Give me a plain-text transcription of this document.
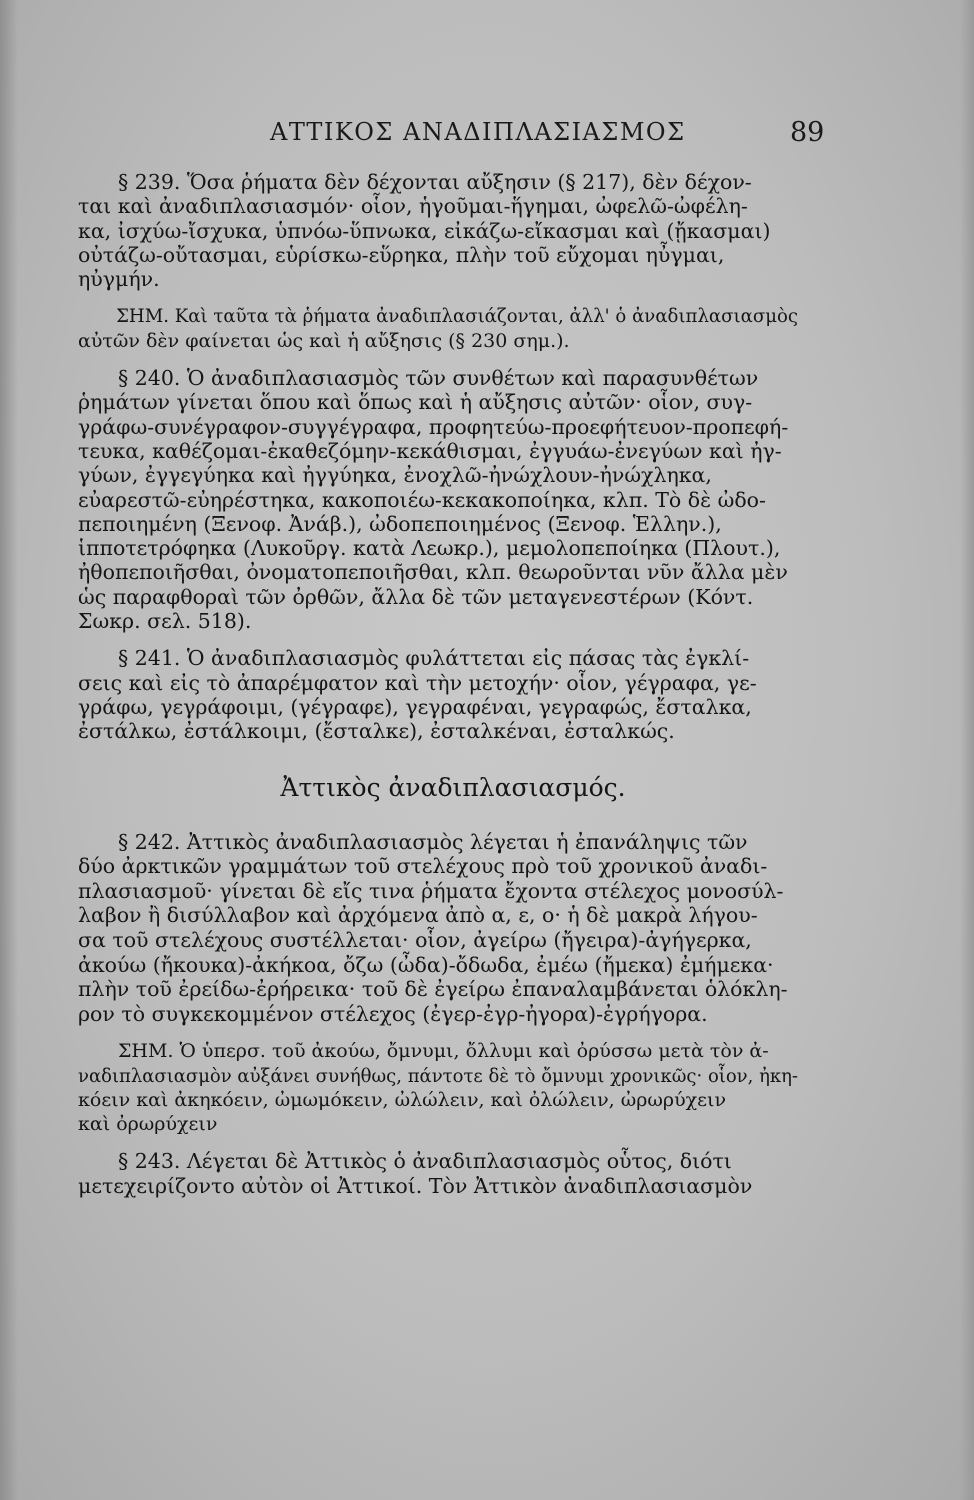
ΑΤΤΙΚΟΣ ΑΝΑΔΙΠΛΑΣΙΑΣΜΟΣ	89
§ 239. Ὅσα ῥήματα δὲν δέχονται αὔξησιν (§ 217), δὲν δέχον-
ται καὶ ἀναδιπλασιασμόν· οἷον, ἡγοῦμαι-ἥγημαι, ὠφελῶ-ὠφέλη-
κα, ἰσχύω-ἴσχυκα, ὑπνόω-ὕπνωκα, εἰκάζω-εἴκασμαι καὶ (ᾔκασμαι)
οὐτάζω-οὔτασμαι, εὑρίσκω-εὕρηκα, πλὴν τοῦ εὔχομαι ηὖγμαι,
ηὐγμήν.
ΣΗΜ. Καὶ ταῦτα τὰ ῥήματα ἀναδιπλασιάζονται, ἀλλ' ὁ ἀναδιπλασιασμὸς
αὐτῶν δὲν φαίνεται ὡς καὶ ἡ αὔξησις (§ 230 σημ.).
§ 240. Ὁ ἀναδιπλασιασμὸς τῶν συνθέτων καὶ παρασυνθέτων
ῥημάτων γίνεται ὅπου καὶ ὅπως καὶ ἡ αὔξησις αὐτῶν· οἷον, συγ-
γράφω-συνέγραφον-συγγέγραφα, προφητεύω-προεφήτευον-προπεφή-
τευκα, καθέζομαι-ἐκαθεζόμην-κεκάθισμαι, ἐγγυάω-ἐνεγύων καὶ ἠγ-
γύων, ἐγγεγύηκα καὶ ἠγγύηκα, ἐνοχλῶ-ἠνώχλουν-ἠνώχληκα,
εὐαρεστῶ-εὐηρέστηκα, κακοποιέω-κεκακοποίηκα, κλπ. Τὸ δὲ ὠδο-
πεποιημένη (Ξενοφ. Ἀνάβ.), ὠδοπεποιημένος (Ξενοφ. Ἑλλην.),
ἱπποτετρόφηκα (Λυκοῦργ. κατὰ Λεωκρ.), μεμολοπεποίηκα (Πλουτ.),
ἠθοπεποιῆσθαι, ὀνοματοπεποιῆσθαι, κλπ. θεωροῦνται νῦν ἄλλα μὲν
ὡς παραφθοραὶ τῶν ὀρθῶν, ἄλλα δὲ τῶν μεταγενεστέρων (Κόντ.
Σωκρ. σελ. 518).
§ 241. Ὁ ἀναδιπλασιασμὸς φυλάττεται εἰς πάσας τὰς ἐγκλί-
σεις καὶ εἰς τὸ ἀπαρέμφατον καὶ τὴν μετοχήν· οἷον, γέγραφα, γε-
γράφω, γεγράφοιμι, (γέγραφε), γεγραφέναι, γεγραφώς, ἔσταλκα,
ἐστάλκω, ἐστάλκοιμι, (ἔσταλκε), ἐσταλκέναι, ἐσταλκώς.
Ἀττικὸς ἀναδιπλασιασμός.
§ 242. Ἀττικὸς ἀναδιπλασιασμὸς λέγεται ἡ ἐπανάληψις τῶν
δύο ἀρκτικῶν γραμμάτων τοῦ στελέχους πρὸ τοῦ χρονικοῦ ἀναδι-
πλασιασμοῦ· γίνεται δὲ εἴς τινα ῥήματα ἔχοντα στέλεχος μονοσύλ-
λαβον ἢ δισύλλαβον καὶ ἀρχόμενα ἀπὸ α, ε, ο· ἡ δὲ μακρὰ λήγου-
σα τοῦ στελέχους συστέλλεται· οἷον, ἀγείρω (ἤγειρα)-ἀγήγερκα,
ἀκούω (ἤκουκα)-ἀκήκοα, ὄζω (ὦδα)-ὄδωδα, ἐμέω (ἤμεκα) ἐμήμεκα·
πλὴν τοῦ ἐρείδω-ἐρήρεικα· τοῦ δὲ ἐγείρω ἐπαναλαμβάνεται ὁλόκλη-
ρον τὸ συγκεκομμένον στέλεχος (ἐγερ-ἐγρ-ἠγορα)-ἐγρήγορα.
ΣΗΜ. Ὁ ὑπερσ. τοῦ ἀκούω, ὄμνυμι, ὄλλυμι καὶ ὀρύσσω μετὰ τὸν ἀ-
ναδιπλασιασμὸν αὐξάνει συνήθως, πάντοτε δὲ τὸ ὄμνυμι χρονικῶς· οἷον, ἠκη-
κόειν καὶ ἀκηκόειν, ὠμωμόκειν, ὠλώλειν, καὶ ὀλώλειν, ὠρωρύχειν
καὶ ὀρωρύχειν
§ 243. Λέγεται δὲ Ἀττικὸς ὁ ἀναδιπλασιασμὸς οὗτος, διότι
μετεχειρίζοντο αὐτὸν οἱ Ἀττικοί. Τὸν Ἀττικὸν ἀναδιπλασιασμὸν
